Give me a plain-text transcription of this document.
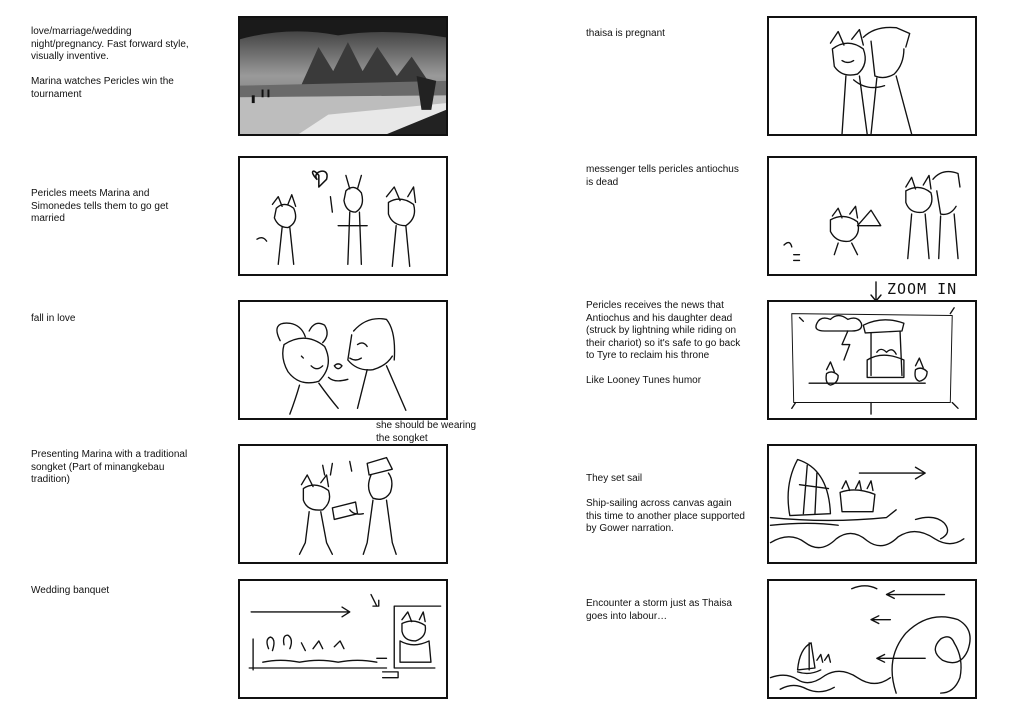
love/marriage/wedding
night/pregnancy. Fast forward style,
visually inventive.

Marina watches Pericles win the
tournament
Pericles meets Marina and
Simonedes tells them to go get
married
fall in love
Presenting Marina with a traditional
songket (Part of minangkebau
tradition)
Wedding banquet
thaisa is pregnant
messenger tells pericles antiochus
is dead
Pericles receives the news that
Antiochus and his daughter dead
(struck by lightning while riding on
their chariot) so it's safe to go back
to Tyre to reclaim his throne

Like Looney Tunes humor
They set sail

Ship-sailing across canvas again
this time to another place supported
by Gower narration.
Encounter a storm just as Thaisa
goes into labour…
she should be wearing
the songket
ZOOM IN
